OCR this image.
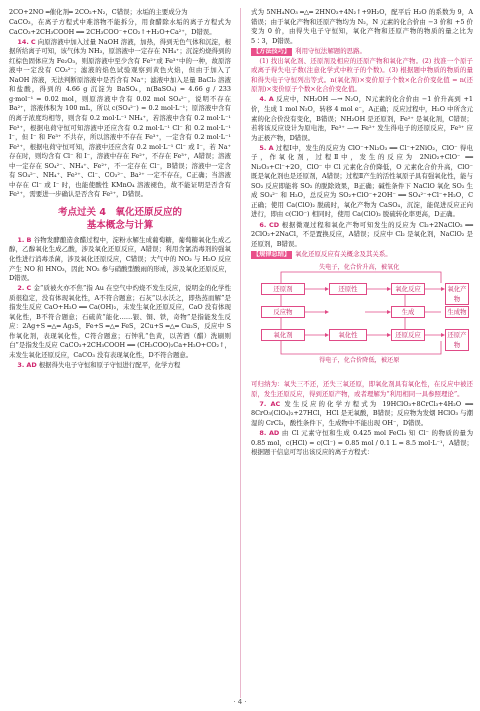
2CO+2NO ═催化剂═ 2CO₂+N₂，C错误；水垢的主要成分为

CaCO₃，在离子方程式中难溶物不能拆分，用食醋除水垢的离子方程式为 CaCO₃+2CH₃COOH ══ 2CH₃COO⁻+CO₂↑+H₂O+Ca²⁺，D错误。

14. C 向原溶液中加入过量 NaOH 溶液，加热，得到无色气体和沉淀，根据所给离子可知，该气体为 NH₃，原溶液中一定存在 NH₄⁺；沉淀灼烧得到的红棕色固体应为 Fe₂O₃，则原溶液中至少含有 Fe²⁺或 Fe³⁺中的一种，故原溶液中一定没有 CO₃²⁻；滤液的焰色试验观察到黄色火焰，但由于加入了 NaOH 溶液，无法判断原溶液中是否含有 Na⁺；滤液中加入足量 BaCl₂ 溶液和盐酸，得到的 4.66 g 沉淀为 BaSO₄，n(BaSO₄) = 4.66 g / 233 g·mol⁻¹ = 0.02 mol，则原溶液中含有 0.02 mol SO₄²⁻，说明不存在 Ba²⁺，溶液体积为 100 mL，所以 c(SO₄²⁻) = 0.2 mol·L⁻¹；原溶液中含有的离子浓度均相等，则含有 0.2 mol·L⁻¹ NH₄⁺，若溶液中含有 0.2 mol·L⁻¹ Fe³⁺，根据电荷守恒可知溶液中还应含有 0.2 mol·L⁻¹ Cl⁻ 和 0.2 mol·L⁻¹ I⁻，但 I⁻ 和 Fe³⁺ 不共存，所以溶液中不存在 Fe³⁺，一定含有 0.2 mol·L⁻¹ Fe²⁺，根据电荷守恒可知，溶液中还应含有 0.2 mol·L⁻¹ Cl⁻ 或 I⁻，若 Na⁺ 存在时，则均含有 Cl⁻ 和 I⁻，溶液中存在 Fe²⁺，不存在 Fe³⁺，A错误；溶液中一定存在 SO₄²⁻、NH₄⁺、Fe²⁺，不一定存在 Cl⁻，B错误；溶液中一定含有 SO₄²⁻、NH₄⁺、Fe²⁺、Cl⁻、CO₃²⁻、Ba²⁺ 一定不存在，C正确；当溶液中存在 Cl⁻ 或 I⁻ 时，也能使酸性 KMnO₄ 溶液褪色，故不能证明是否含有 Fe²⁺，需要进一步确认是否含有 Fe²⁺，D错误。

考点过关 4　氧化还原反应的
基本概念与计算

1. B 谷物发酵酿造食醋过程中，淀粉水解生成葡萄糖，葡萄糖氧化生成乙醇，乙醇氧化生成乙酸，涉及氧化还原反应，A错误；利用含氯消毒剂的强氧化性进行消毒杀菌，涉及氧化还原反应，C错误；大气中的 NO₂ 与 H₂O 反应产生 NO 和 HNO₃，因此 NO₂ 参与硝酸型酸雨的形成，涉及氧化还原反应，D错误。

2. C 金“质被火亦不焦”指 Au 在空气中灼烧不发生反应，说明金的化学性质很稳定，没有体现氧化性，A不符合题意；石灰“以水沃之，即热蒸而解”是指发生反应 CaO+H₂O ══ Ca(OH)₂，未发生氧化还原反应，CaO 没有体现氧化性，B不符合题意；石硫黄“能化……银、铜、铁，奇物”是指能发生反应：2Ag+S ═△═ Ag₂S，Fe+S ═△═ FeS，2Cu+S ═△═ Cu₂S，反应中 S 作氧化剂，表现氧化性，C符合题意；石钟乳“色黄，以苦酒（醋）洗刷则白”是指发生反应 CaCO₃+2CH₃COOH ══ (CH₃COO)₂Ca+H₂O+CO₂↑，未发生氧化还原反应，CaCO₃ 没有表现氧化性，D不符合题意。

3. AD 根据得失电子守恒和原子守恒进行配平，化学方程

式为 5NH₄NO₃ ═△═ 2HNO₃+4N₂↑+9H₂O，配平后 H₂O 的系数为 9，A错误；由于氧化产物和还原产物均为 N₂，N 元素的化合价由 −3 价和 +5 价变为 0 价，由得失电子守恒知，氧化产物和还原产物的物质的量之比为 5∶3，D错误。

【方法技巧】 利用守恒法解题的思路。

(1) 找出氧化剂、还原剂及相应的还原产物和氧化产物。(2) 找准一个原子或离子得失电子数(注意化学式中粒子的个数)。(3) 根据题中物质的物质的量和得失电子守恒列出等式。n(氧化剂)×变价原子个数×化合价变化值 = n(还原剂)×变价原子个数×化合价变化值。

4. A 反应中，NH₂OH —→ N₂O，N元素的化合价由 −1 价升高到 +1 价，生成 1 mol N₂O，转移 4 mol e⁻，A正确；反应过程中，H₂O 中所含元素的化合价没有变化，B错误；NH₂OH 是还原剂，Fe²⁺ 是氧化剂，C错误；若将该反应设计为原电池，Fe³⁺ —→ Fe²⁺ 发生得电子的还原反应，Fe³⁺ 应为正极产物，D错误。

5. A 过程Ⅰ中，发生的反应为 ClO⁻+Ni₂O₃ ══ Cl⁻+2NiO₂，ClO⁻ 得电子，作氧化剂，过程Ⅱ中，发生的反应为 2NiO₂+ClO⁻ ══ Ni₂O₃+Cl⁻+2O，ClO⁻ 中 Cl 元素化合价降低，O 元素化合价升高，ClO⁻ 既是氧化剂也是还原剂，A错误；过程Ⅱ产生的活性氧原子具有强氧化性，能与 SO₂ 反应即能将 SO₂ 的脱除效果，B正确；碱性条件下 NaClO 氧化 SO₂ 生成 SO₄²⁻ 和 H₂O，总反应为 SO₂+ClO⁻+2OH⁻ ══ SO₄²⁻+Cl⁻+H₂O，C正确；使用 Ca(ClO)₂ 脱硫时，氧化产物为 CaSO₄，沉淀，能促进反应正向进行，即由 c(ClO⁻) 相同时，使用 Ca(ClO)₂ 脱硫转化率更高，D正确。

6. CD 根据微观过程和氧化产物可知发生的反应为 Cl₂+2NaClO₂ ══ 2ClO₂+2NaCl，不是置换反应，A错误；反应中 Cl₂ 是氧化剂，NaClO₂ 是还原剂，B错误。

【规律总结】 氧化还原反应有关概念及其关系。

失电子，化合价升高，被氧化
还原剂	还原性	氧化反应	氧化产物
反应物	生成	生成物
氧化剂	氧化性	还原反应	还原产物
得电子，化合价降低，被还原

可归纳为：氧失三不还，还失三氧还原，即氧化剂具有氧化性，在反应中被还原，发生还原反应，得到还原产物，或者理解为“利用相同一具参照理论”。

7. AC 发生反应的化学方程式为 19HClO₃+8CrCl₃+4H₂O ══ 8CrO₃(ClO₄)₂+27HCl，HCl 是无氧酸，B错误；反应物为发烟 HClO₃ 与潮湿的 CrCl₃，酸性条件下，生成物中不能出现 OH⁻，D错误。

8. AD 由 Cl 元素守恒和生成 0.425 mol FeCl₃ 知 Cl⁻ 的物质的量为 0.85 mol，c(HCl) = c(Cl⁻) = 0.85 mol / 0.1 L = 8.5 mol·L⁻¹，A错误；根据题干信息可写出该反应的离子方程式：

· 4 ·
